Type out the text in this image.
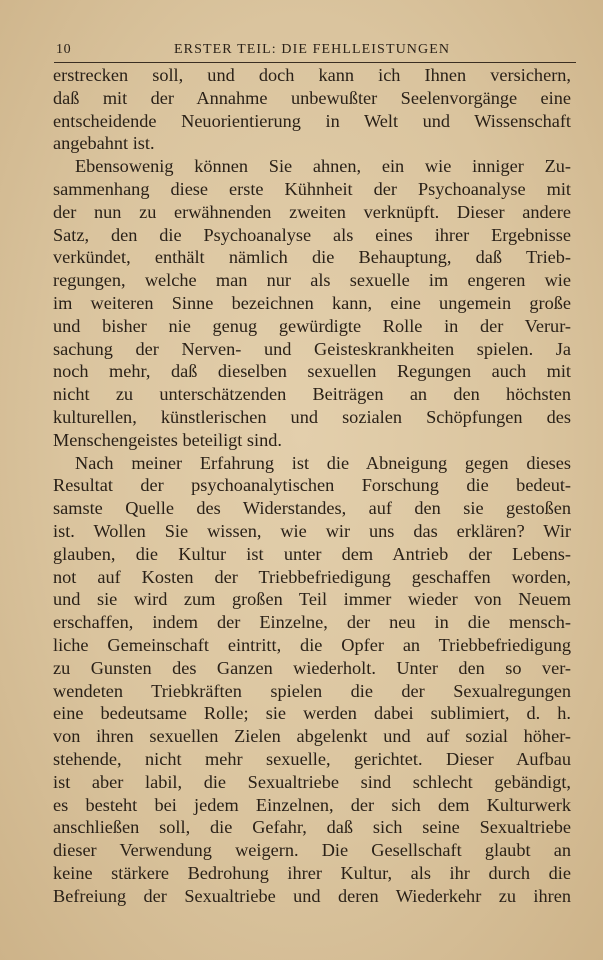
10	ERSTER TEIL: DIE FEHLLEISTUNGEN
erstrecken soll, und doch kann ich Ihnen versichern,
daß mit der Annahme unbewußter Seelenvorgänge eine
entscheidende Neuorientierung in Welt und Wissenschaft
angebahnt ist.
Ebensowenig können Sie ahnen, ein wie inniger Zu-
sammenhang diese erste Kühnheit der Psychoanalyse mit
der nun zu erwähnenden zweiten verknüpft. Dieser andere
Satz, den die Psychoanalyse als eines ihrer Ergebnisse
verkündet, enthält nämlich die Behauptung, daß Trieb-
regungen, welche man nur als sexuelle im engeren wie
im weiteren Sinne bezeichnen kann, eine ungemein große
und bisher nie genug gewürdigte Rolle in der Verur-
sachung der Nerven- und Geisteskrankheiten spielen. Ja
noch mehr, daß dieselben sexuellen Regungen auch mit
nicht zu unterschätzenden Beiträgen an den höchsten
kulturellen, künstlerischen und sozialen Schöpfungen des
Menschengeistes beteiligt sind.
Nach meiner Erfahrung ist die Abneigung gegen dieses
Resultat der psychoanalytischen Forschung die bedeut-
samste Quelle des Widerstandes, auf den sie gestoßen
ist. Wollen Sie wissen, wie wir uns das erklären? Wir
glauben, die Kultur ist unter dem Antrieb der Lebens-
not auf Kosten der Triebbefriedigung geschaffen worden,
und sie wird zum großen Teil immer wieder von Neuem
erschaffen, indem der Einzelne, der neu in die mensch-
liche Gemeinschaft eintritt, die Opfer an Triebbefriedigung
zu Gunsten des Ganzen wiederholt. Unter den so ver-
wendeten Triebkräften spielen die der Sexualregungen
eine bedeutsame Rolle; sie werden dabei sublimiert, d. h.
von ihren sexuellen Zielen abgelenkt und auf sozial höher-
stehende, nicht mehr sexuelle, gerichtet. Dieser Aufbau
ist aber labil, die Sexualtriebe sind schlecht gebändigt,
es besteht bei jedem Einzelnen, der sich dem Kulturwerk
anschließen soll, die Gefahr, daß sich seine Sexualtriebe
dieser Verwendung weigern. Die Gesellschaft glaubt an
keine stärkere Bedrohung ihrer Kultur, als ihr durch die
Befreiung der Sexualtriebe und deren Wiederkehr zu ihren
